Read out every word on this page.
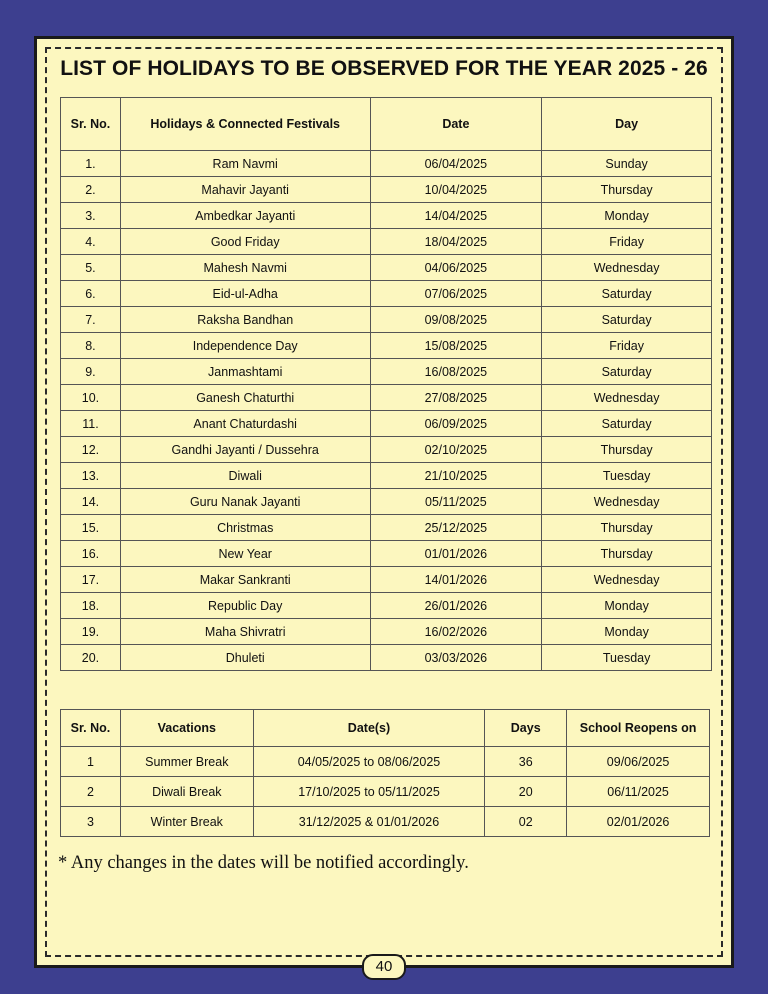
LIST OF HOLIDAYS TO BE OBSERVED FOR THE YEAR 2025 - 26
Sr. No.	Holidays & Connected Festivals	Date	Day
1.	Ram Navmi	06/04/2025	Sunday
2.	Mahavir Jayanti	10/04/2025	Thursday
3.	Ambedkar Jayanti	14/04/2025	Monday
4.	Good Friday	18/04/2025	Friday
5.	Mahesh Navmi	04/06/2025	Wednesday
6.	Eid-ul-Adha	07/06/2025	Saturday
7.	Raksha Bandhan	09/08/2025	Saturday
8.	Independence Day	15/08/2025	Friday
9.	Janmashtami	16/08/2025	Saturday
10.	Ganesh Chaturthi	27/08/2025	Wednesday
11.	Anant Chaturdashi	06/09/2025	Saturday
12.	Gandhi Jayanti / Dussehra	02/10/2025	Thursday
13.	Diwali	21/10/2025	Tuesday
14.	Guru Nanak Jayanti	05/11/2025	Wednesday
15.	Christmas	25/12/2025	Thursday
16.	New Year	01/01/2026	Thursday
17.	Makar Sankranti	14/01/2026	Wednesday
18.	Republic Day	26/01/2026	Monday
19.	Maha Shivratri	16/02/2026	Monday
20.	Dhuleti	03/03/2026	Tuesday
Sr. No.	Vacations	Date(s)	Days	School Reopens on
1	Summer Break	04/05/2025 to 08/06/2025	36	09/06/2025
2	Diwali Break	17/10/2025 to 05/11/2025	20	06/11/2025
3	Winter Break	31/12/2025 & 01/01/2026	02	02/01/2026
* Any changes in the dates will be notified accordingly.
40
